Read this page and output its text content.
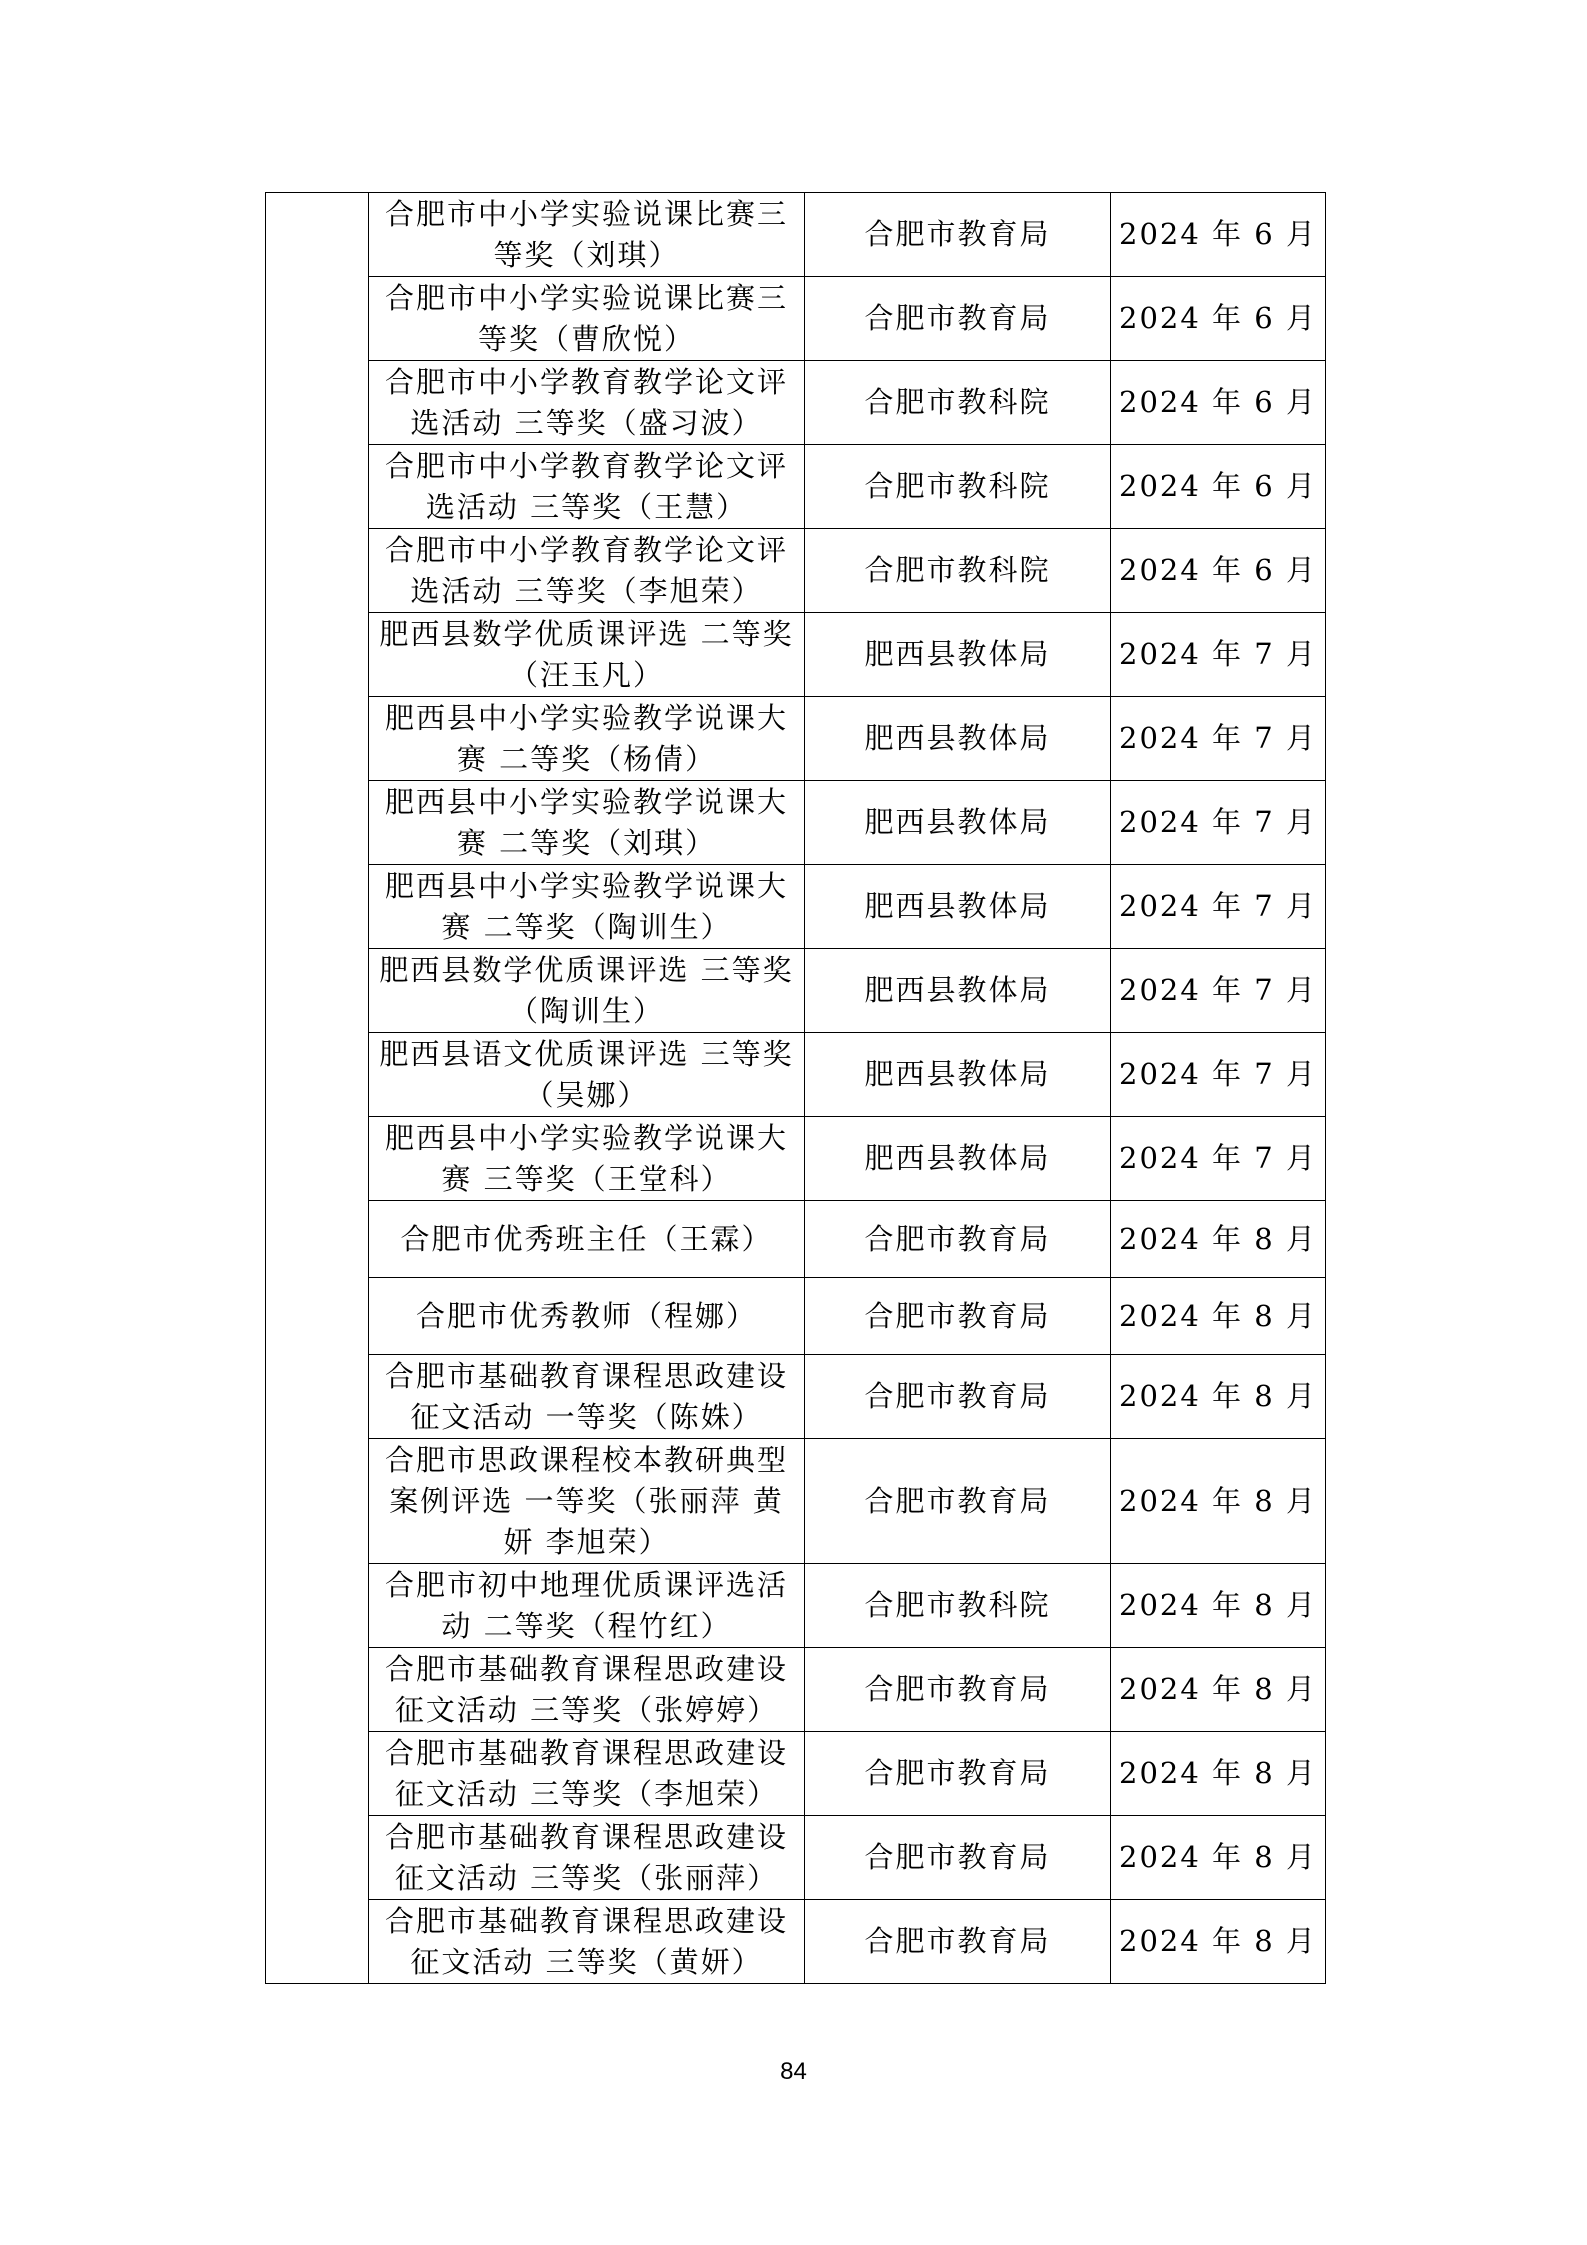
	合肥市中小学实验说课比赛三等奖（刘琪）	合肥市教育局	2024 年 6 月

	合肥市中小学实验说课比赛三等奖（曹欣悦）	合肥市教育局	2024 年 6 月

	合肥市中小学教育教学论文评选活动 三等奖（盛习波）	合肥市教科院	2024 年 6 月

	合肥市中小学教育教学论文评选活动 三等奖（王慧）	合肥市教科院	2024 年 6 月

	合肥市中小学教育教学论文评选活动 三等奖（李旭荣）	合肥市教科院	2024 年 6 月

	肥西县数学优质课评选 二等奖（汪玉凡）	肥西县教体局	2024 年 7 月

	肥西县中小学实验教学说课大赛 二等奖（杨倩）	肥西县教体局	2024 年 7 月

	肥西县中小学实验教学说课大赛 二等奖（刘琪）	肥西县教体局	2024 年 7 月

	肥西县中小学实验教学说课大赛 二等奖（陶训生）	肥西县教体局	2024 年 7 月

	肥西县数学优质课评选 三等奖（陶训生）	肥西县教体局	2024 年 7 月

	肥西县语文优质课评选 三等奖（吴娜）	肥西县教体局	2024 年 7 月

	肥西县中小学实验教学说课大赛 三等奖（王堂科）	肥西县教体局	2024 年 7 月

	合肥市优秀班主任（王霖）	合肥市教育局	2024 年 8 月

	合肥市优秀教师（程娜）	合肥市教育局	2024 年 8 月

	合肥市基础教育课程思政建设征文活动 一等奖（陈姝）	合肥市教育局	2024 年 8 月

	合肥市思政课程校本教研典型案例评选 一等奖（张丽萍 黄妍 李旭荣）	合肥市教育局	2024 年 8 月

	合肥市初中地理优质课评选活动 二等奖（程竹红）	合肥市教科院	2024 年 8 月

	合肥市基础教育课程思政建设征文活动 三等奖（张婷婷）	合肥市教育局	2024 年 8 月

	合肥市基础教育课程思政建设征文活动 三等奖（李旭荣）	合肥市教育局	2024 年 8 月

	合肥市基础教育课程思政建设征文活动 三等奖（张丽萍）	合肥市教育局	2024 年 8 月

	合肥市基础教育课程思政建设征文活动 三等奖（黄妍）	合肥市教育局	2024 年 8 月
84
